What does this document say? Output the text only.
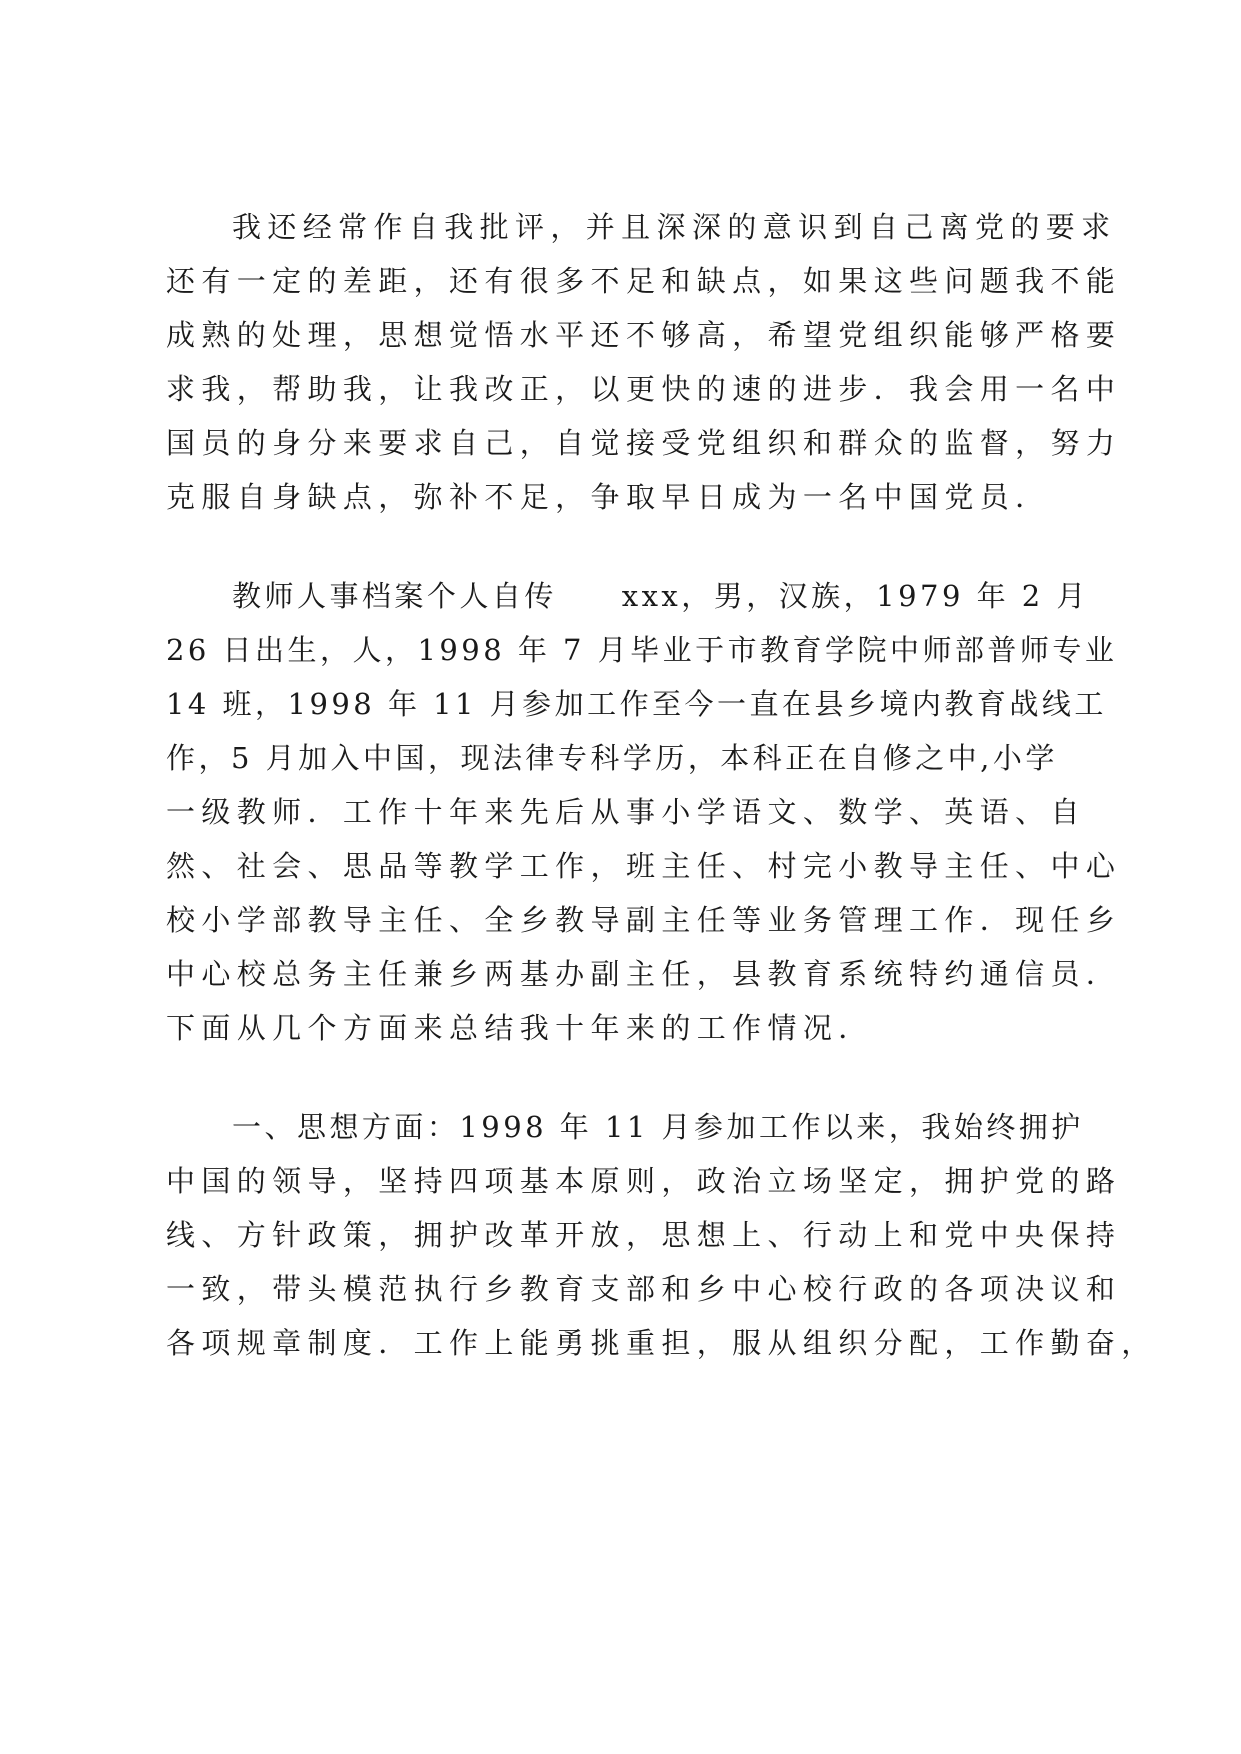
我还经常作自我批评，并且深深的意识到自己离党的要求

还有一定的差距，还有很多不足和缺点，如果这些问题我不能

成熟的处理，思想觉悟水平还不够高，希望党组织能够严格要

求我，帮助我，让我改正，以更快的速的进步．我会用一名中

国员的身分来要求自己，自觉接受党组织和群众的监督，努力

克服自身缺点，弥补不足，争取早日成为一名中国党员．

教师人事档案个人自传　　xxx，男，汉族，1979 年 2 月

26 日出生，人，1998 年 7 月毕业于市教育学院中师部普师专业

14 班，1998 年 11 月参加工作至今一直在县乡境内教育战线工

作，5 月加入中国，现法律专科学历，本科正在自修之中,小学

一级教师．工作十年来先后从事小学语文、数学、英语、自

然、社会、思品等教学工作，班主任、村完小教导主任、中心

校小学部教导主任、全乡教导副主任等业务管理工作．现任乡

中心校总务主任兼乡两基办副主任，县教育系统特约通信员．

下面从几个方面来总结我十年来的工作情况．

一、思想方面：1998 年 11 月参加工作以来，我始终拥护

中国的领导，坚持四项基本原则，政治立场坚定，拥护党的路

线、方针政策，拥护改革开放，思想上、行动上和党中央保持

一致，带头模范执行乡教育支部和乡中心校行政的各项决议和

各项规章制度．工作上能勇挑重担，服从组织分配，工作勤奋，
